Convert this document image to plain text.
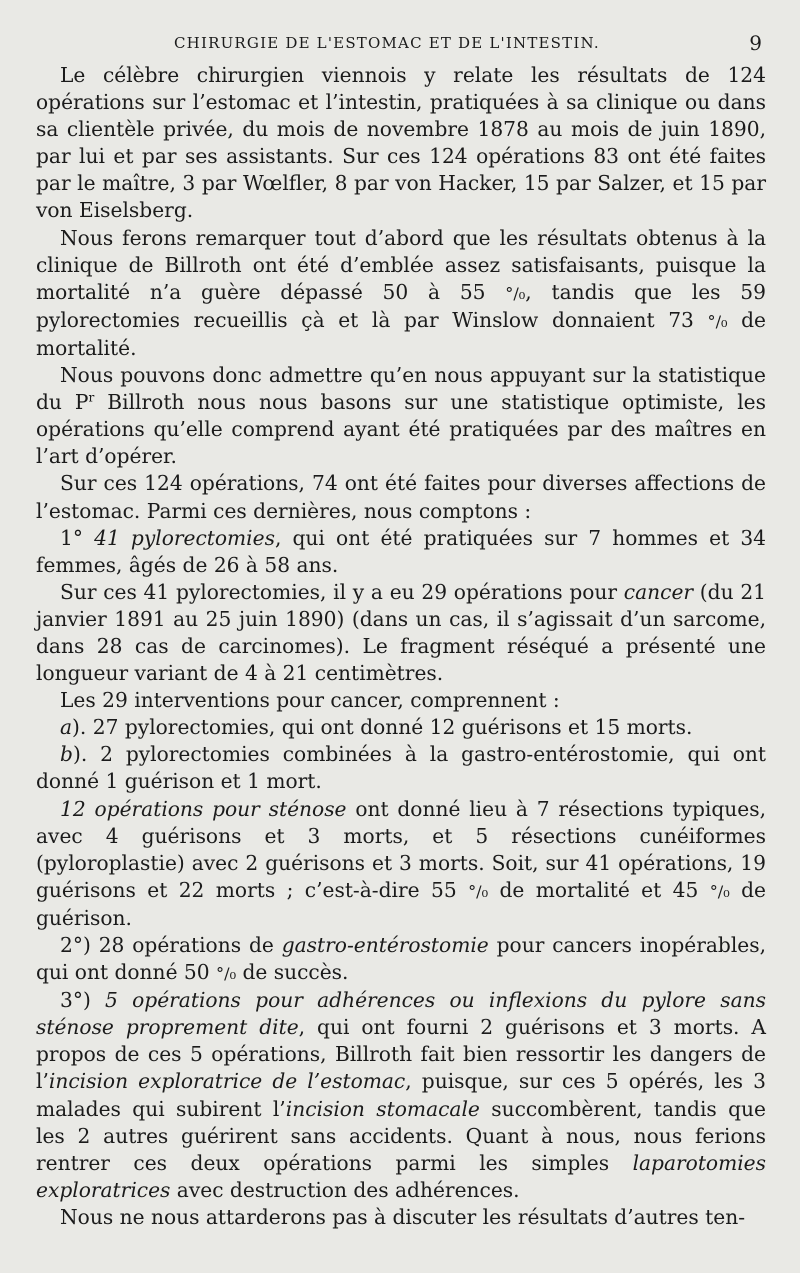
CHIRURGIE DE L'ESTOMAC ET DE L'INTESTIN.	9

Le célèbre chirurgien viennois y relate les résultats de 124 opérations sur l’estomac et l’intestin, pratiquées à sa clinique ou dans sa clientèle privée, du mois de novembre 1878 au mois de juin 1890, par lui et par ses assistants. Sur ces 124 opérations 83 ont été faites par le maître, 3 par Wœlfler, 8 par von Hacker, 15 par Salzer, et 15 par von Eiselsberg.

Nous ferons remarquer tout d’abord que les résultats obtenus à la clinique de Billroth ont été d’emblée assez satisfaisants, puisque la mortalité n’a guère dépassé 50 à 55 °/₀, tandis que les 59 pylorectomies recueillis çà et là par Winslow donnaient 73 °/₀ de mortalité.

Nous pouvons donc admettre qu’en nous appuyant sur la statistique du $P^r$ Billroth nous nous basons sur une statistique optimiste, les opérations qu’elle comprend ayant été pratiquées par des maîtres en l’art d’opérer.

Sur ces 124 opérations, 74 ont été faites pour diverses affections de l’estomac. Parmi ces dernières, nous comptons :

1° 41 pylorectomies, qui ont été pratiquées sur 7 hommes et 34 femmes, âgés de 26 à 58 ans.

Sur ces 41 pylorectomies, il y a eu 29 opérations pour cancer (du 21 janvier 1891 au 25 juin 1890) (dans un cas, il s’agissait d’un sarcome, dans 28 cas de carcinomes). Le fragment réséqué a présenté une longueur variant de 4 à 21 centimètres.

Les 29 interventions pour cancer, comprennent :

a). 27 pylorectomies, qui ont donné 12 guérisons et 15 morts.

b). 2 pylorectomies combinées à la gastro-entérostomie, qui ont donné 1 guérison et 1 mort.

12 opérations pour sténose ont donné lieu à 7 résections typiques, avec 4 guérisons et 3 morts, et 5 résections cunéiformes (pyloroplastie) avec 2 guérisons et 3 morts. Soit, sur 41 opérations, 19 guérisons et 22 morts ; c’est-à-dire 55 °/₀ de mortalité et 45 °/₀ de guérison.

2°) 28 opérations de gastro-entérostomie pour cancers inopérables, qui ont donné 50 °/₀ de succès.

3°) 5 opérations pour adhérences ou inflexions du pylore sans sténose proprement dite, qui ont fourni 2 guérisons et 3 morts. A propos de ces 5 opérations, Billroth fait bien ressortir les dangers de l’incision exploratrice de l’estomac, puisque, sur ces 5 opérés, les 3 malades qui subirent l’incision stomacale succombèrent, tandis que les 2 autres guérirent sans accidents. Quant à nous, nous ferions rentrer ces deux opérations parmi les simples laparotomies exploratrices avec destruction des adhérences.

Nous ne nous attarderons pas à discuter les résultats d’autres ten-
